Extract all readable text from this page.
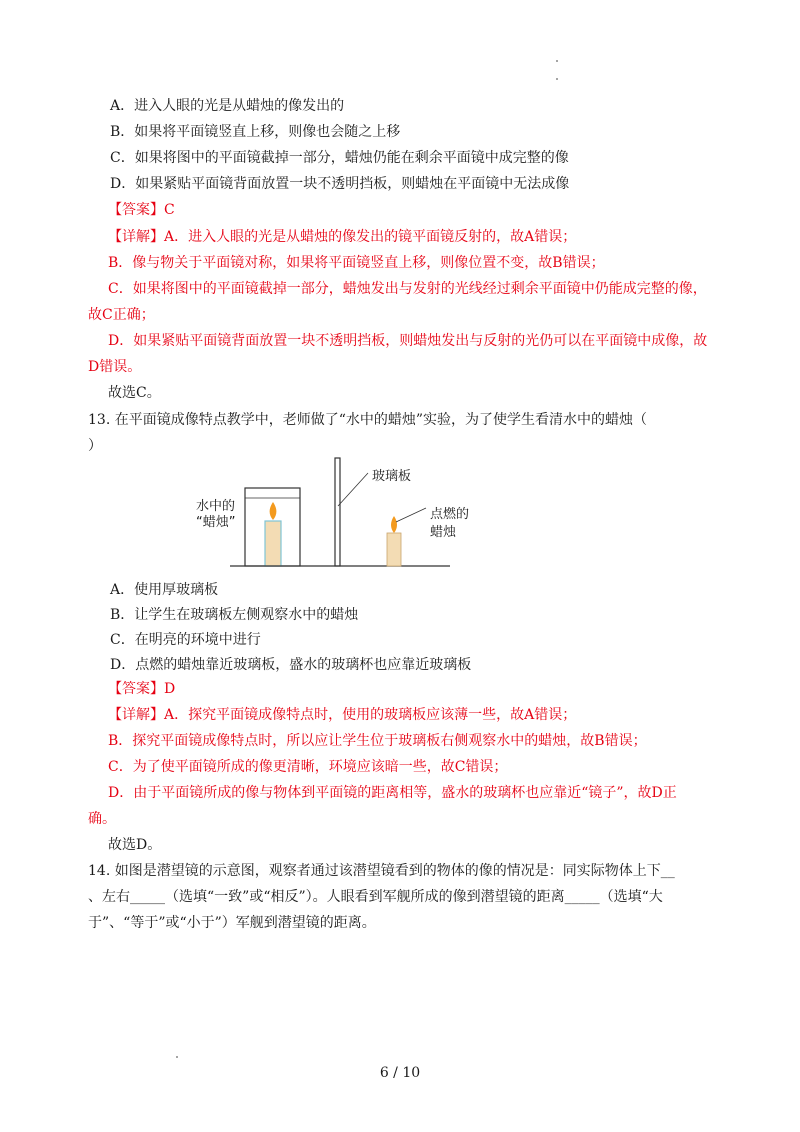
A．进入人眼的光是从蜡烛的像发出的
B．如果将平面镜竖直上移，则像也会随之上移
C．如果将图中的平面镜截掉一部分，蜡烛仍能在剩余平面镜中成完整的像
D．如果紧贴平面镜背面放置一块不透明挡板，则蜡烛在平面镜中无法成像
【答案】C
【详解】A．进入人眼的光是从蜡烛的像发出的镜平面镜反射的，故A错误；
B．像与物关于平面镜对称，如果将平面镜竖直上移，则像位置不变，故B错误；
C．如果将图中的平面镜截掉一部分，蜡烛发出与发射的光线经过剩余平面镜中仍能成完整的像，
故C正确；
D．如果紧贴平面镜背面放置一块不透明挡板，则蜡烛发出与反射的光仍可以在平面镜中成像，故
D错误。
故选C。
13. 在平面镜成像特点教学中，老师做了“水中的蜡烛”实验，为了使学生看清水中的蜡烛（
）
玻璃板
水中的
“蜡烛”
点燃的
蜡烛
A．使用厚玻璃板
B．让学生在玻璃板左侧观察水中的蜡烛
C．在明亮的环境中进行
D．点燃的蜡烛靠近玻璃板，盛水的玻璃杯也应靠近玻璃板
【答案】D
【详解】A．探究平面镜成像特点时，使用的玻璃板应该薄一些，故A错误；
B．探究平面镜成像特点时，所以应让学生位于玻璃板右侧观察水中的蜡烛，故B错误；
C．为了使平面镜所成的像更清晰，环境应该暗一些，故C错误；
D．由于平面镜所成的像与物体到平面镜的距离相等，盛水的玻璃杯也应靠近“镜子”，故D正
确。
故选D。
14. 如图是潜望镜的示意图，观察者通过该潜望镜看到的物体的像的情况是：同实际物体上下__
、左右_____（选填“一致”或“相反”）。人眼看到军舰所成的像到潜望镜的距离_____（选填“大
于”、“等于”或“小于”）军舰到潜望镜的距离。
6 / 10
